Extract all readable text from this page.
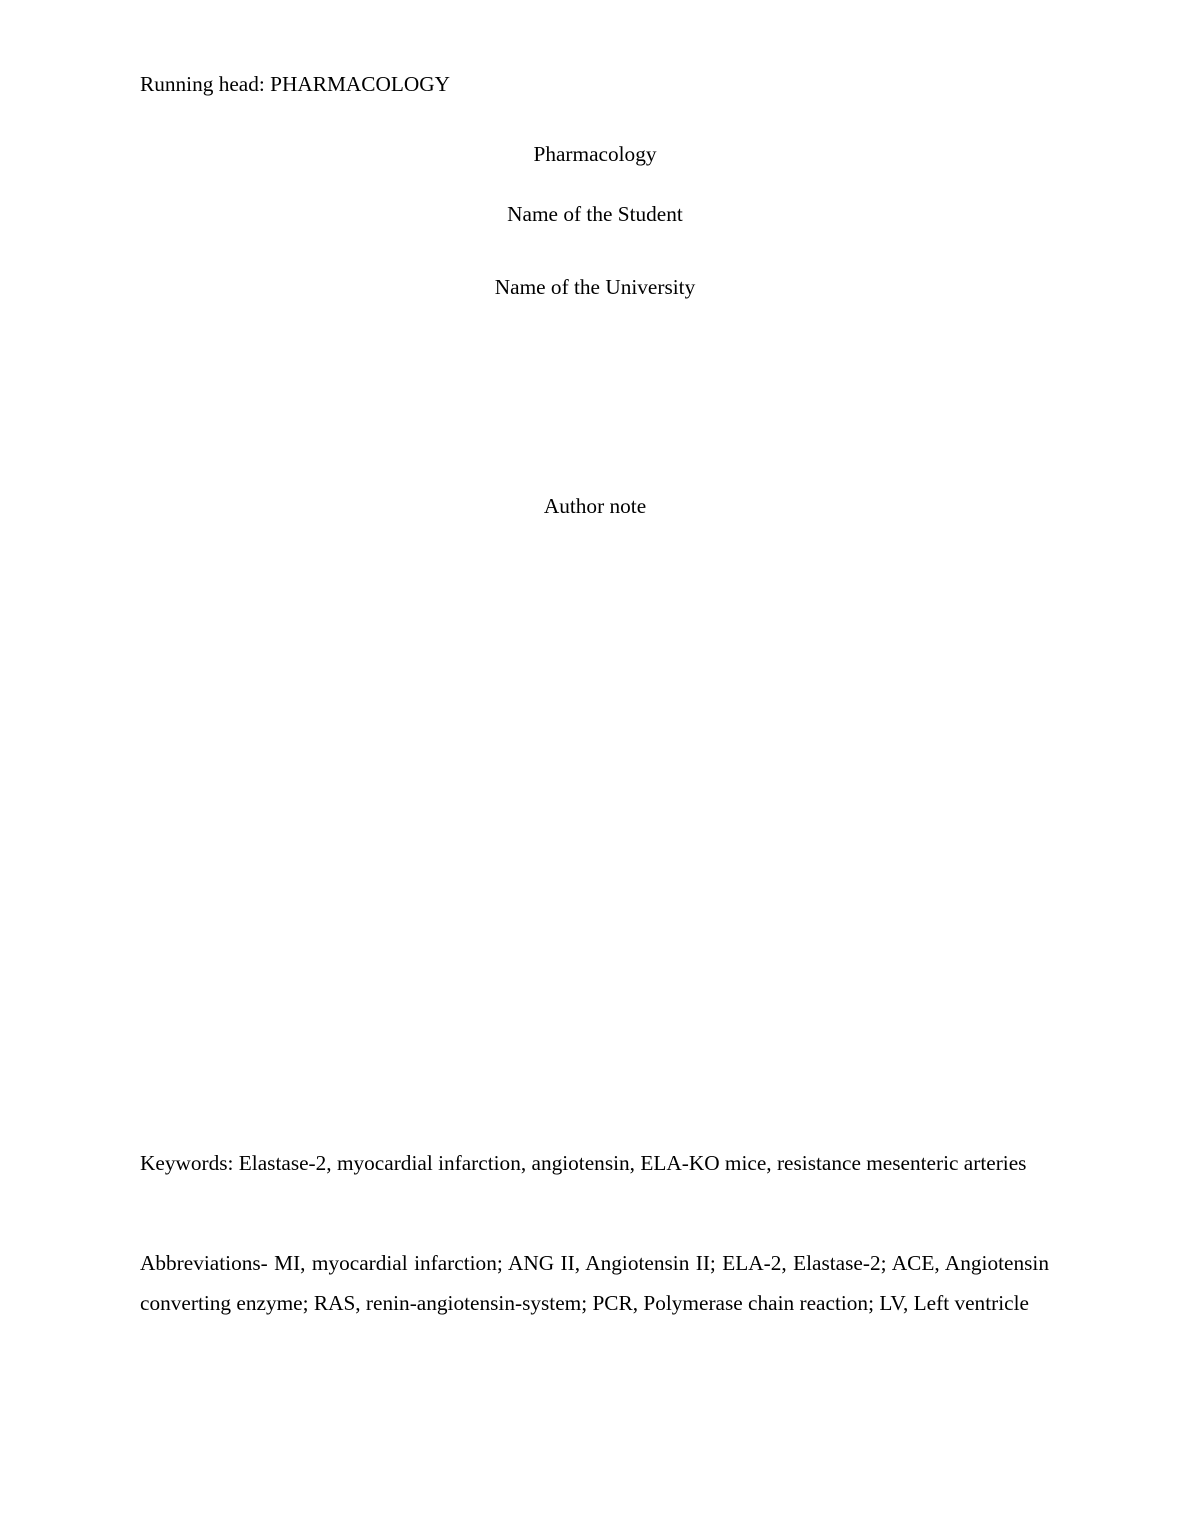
Running head: PHARMACOLOGY
Pharmacology
Name of the Student
Name of the University
Author note

Keywords: Elastase-2, myocardial infarction, angiotensin, ELA-KO mice, resistance mesenteric arteries

Abbreviations- MI, myocardial infarction; ANG II, Angiotensin II; ELA-2, Elastase-2; ACE, Angiotensin converting enzyme; RAS, renin-angiotensin-system; PCR, Polymerase chain reaction; LV, Left ventricle
